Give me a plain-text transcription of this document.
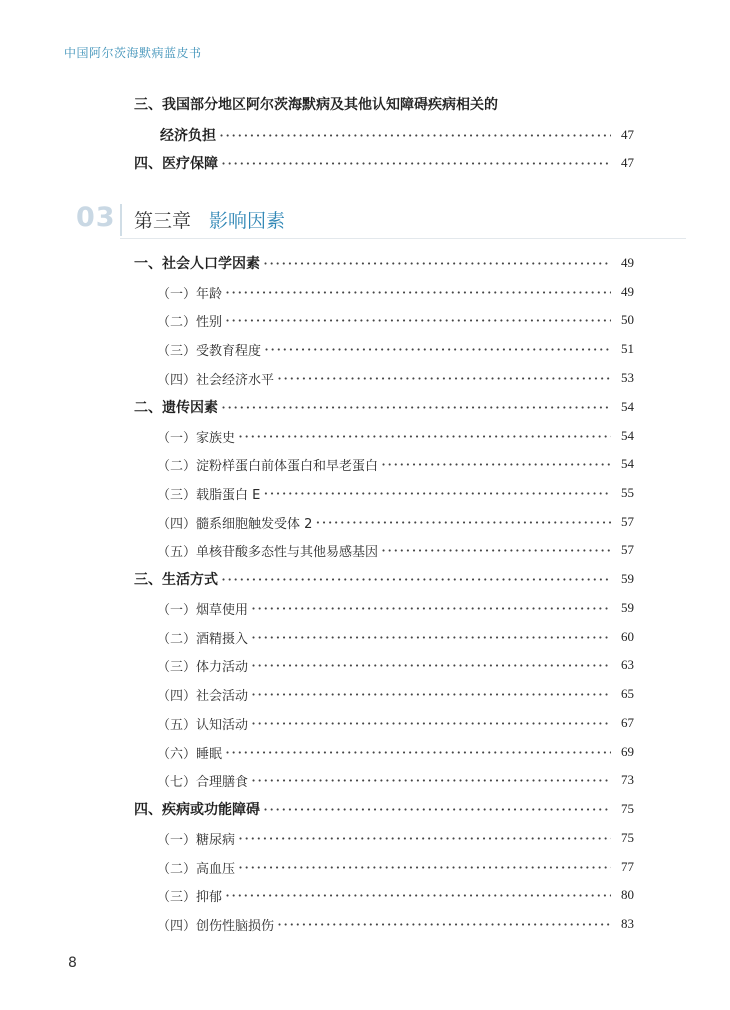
中国阿尔茨海默病蓝皮书
三、我国部分地区阿尔茨海默病及其他认知障碍疾病相关的
经济负担 ·····	47
四、医疗保障 ·····	47
03 第三章 影响因素
一、社会人口学因素 ·····	49
（一）年龄 ·····	49
（二）性别 ·····	50
（三）受教育程度 ·····	51
（四）社会经济水平 ·····	53
二、遗传因素 ·····	54
（一）家族史 ·····	54
（二）淀粉样蛋白前体蛋白和早老蛋白 ·····	54
（三）载脂蛋白 E ·····	55
（四）髓系细胞触发受体 2 ·····	57
（五）单核苷酸多态性与其他易感基因 ·····	57
三、生活方式 ·····	59
（一）烟草使用 ·····	59
（二）酒精摄入 ·····	60
（三）体力活动 ·····	63
（四）社会活动 ·····	65
（五）认知活动 ·····	67
（六）睡眠 ·····	69
（七）合理膳食 ·····	73
四、疾病或功能障碍 ·····	75
（一）糖尿病 ·····	75
（二）高血压 ·····	77
（三）抑郁 ·····	80
（四）创伤性脑损伤 ·····	83
8
